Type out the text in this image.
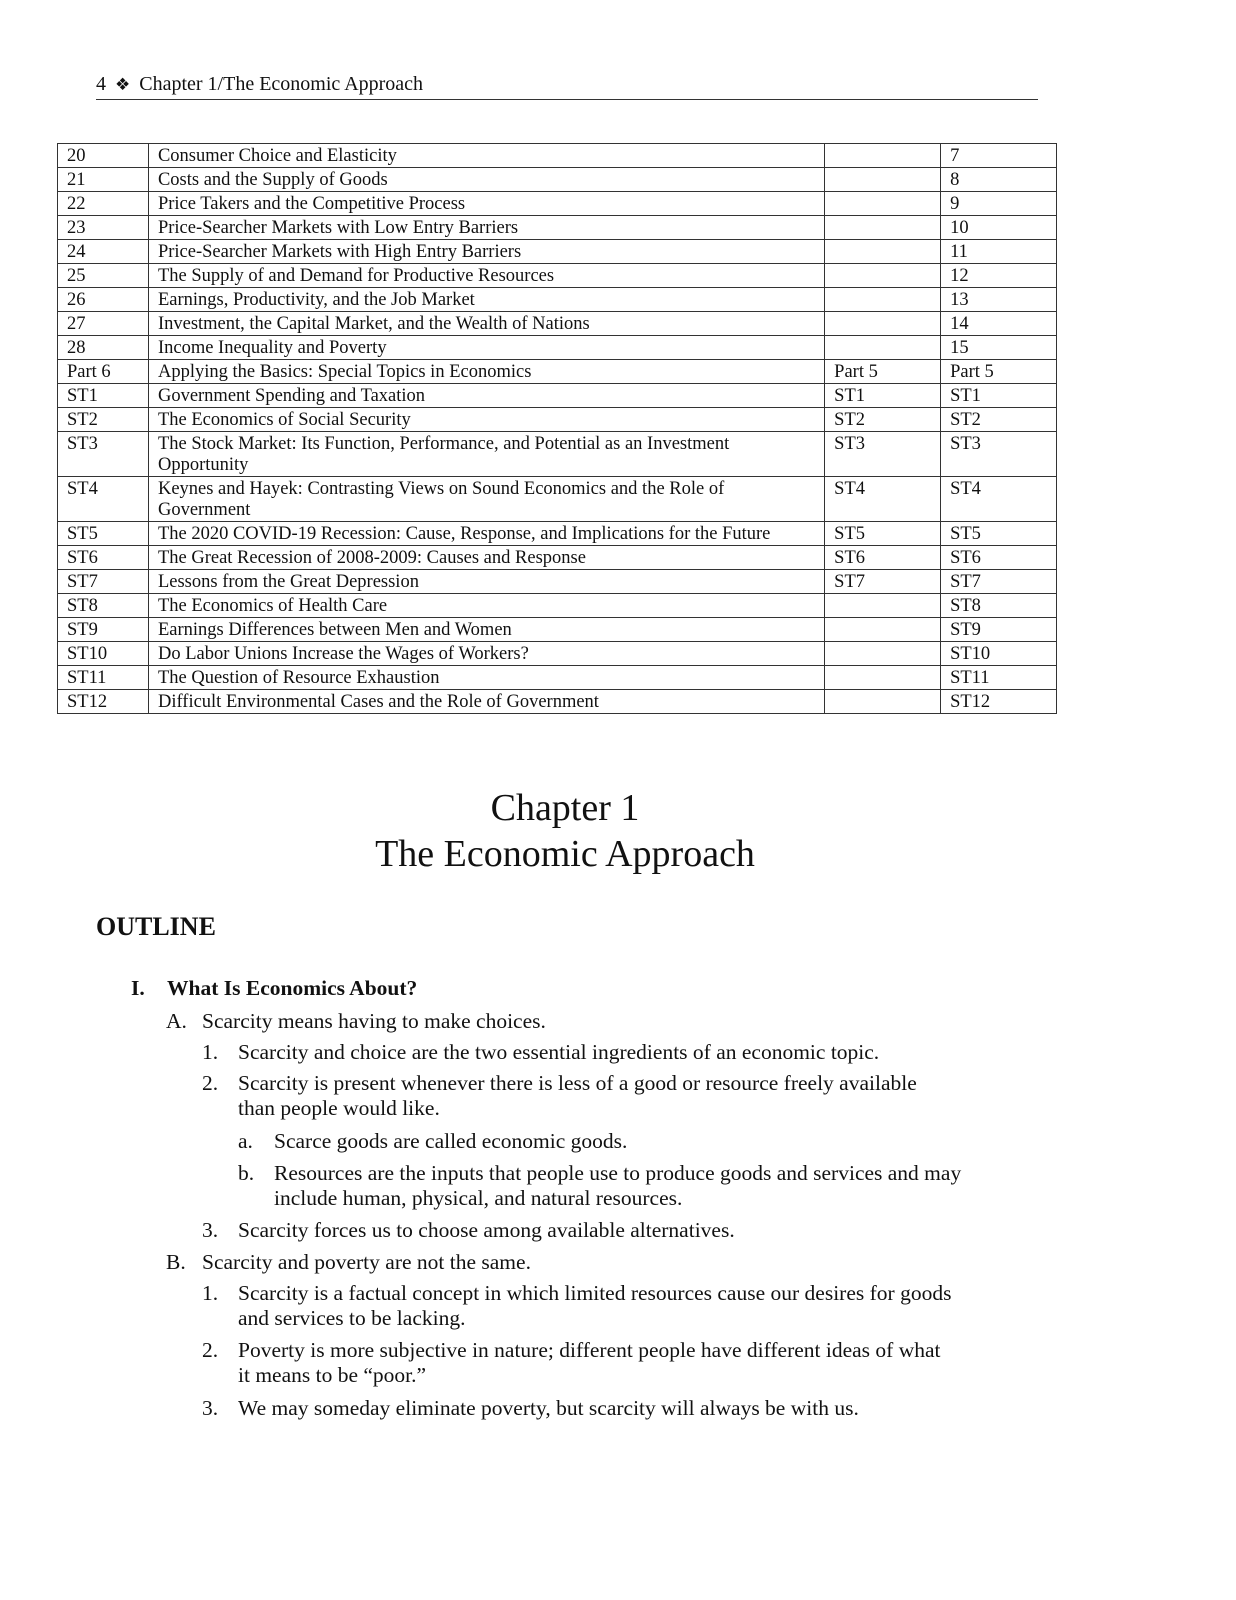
4 ❖ Chapter 1/The Economic Approach
20	Consumer Choice and Elasticity		7
21	Costs and the Supply of Goods		8
22	Price Takers and the Competitive Process		9
23	Price-Searcher Markets with Low Entry Barriers		10
24	Price-Searcher Markets with High Entry Barriers		11
25	The Supply of and Demand for Productive Resources		12
26	Earnings, Productivity, and the Job Market		13
27	Investment, the Capital Market, and the Wealth of Nations		14
28	Income Inequality and Poverty		15
Part 6	Applying the Basics: Special Topics in Economics	Part 5	Part 5
ST1	Government Spending and Taxation	ST1	ST1
ST2	The Economics of Social Security	ST2	ST2
ST3	The Stock Market: Its Function, Performance, and Potential as an Investment Opportunity	ST3	ST3
ST4	Keynes and Hayek: Contrasting Views on Sound Economics and the Role of Government	ST4	ST4
ST5	The 2020 COVID-19 Recession: Cause, Response, and Implications for the Future	ST5	ST5
ST6	The Great Recession of 2008-2009: Causes and Response	ST6	ST6
ST7	Lessons from the Great Depression	ST7	ST7
ST8	The Economics of Health Care		ST8
ST9	Earnings Differences between Men and Women		ST9
ST10	Do Labor Unions Increase the Wages of Workers?		ST10
ST11	The Question of Resource Exhaustion		ST11
ST12	Difficult Environmental Cases and the Role of Government		ST12
Chapter 1
The Economic Approach
OUTLINE
I. What Is Economics About?
A. Scarcity means having to make choices.
1. Scarcity and choice are the two essential ingredients of an economic topic.
2. Scarcity is present whenever there is less of a good or resource freely available
than people would like.
a. Scarce goods are called economic goods.
b. Resources are the inputs that people use to produce goods and services and may
include human, physical, and natural resources.
3. Scarcity forces us to choose among available alternatives.
B. Scarcity and poverty are not the same.
1. Scarcity is a factual concept in which limited resources cause our desires for goods
and services to be lacking.
2. Poverty is more subjective in nature; different people have different ideas of what
it means to be “poor.”
3. We may someday eliminate poverty, but scarcity will always be with us.
